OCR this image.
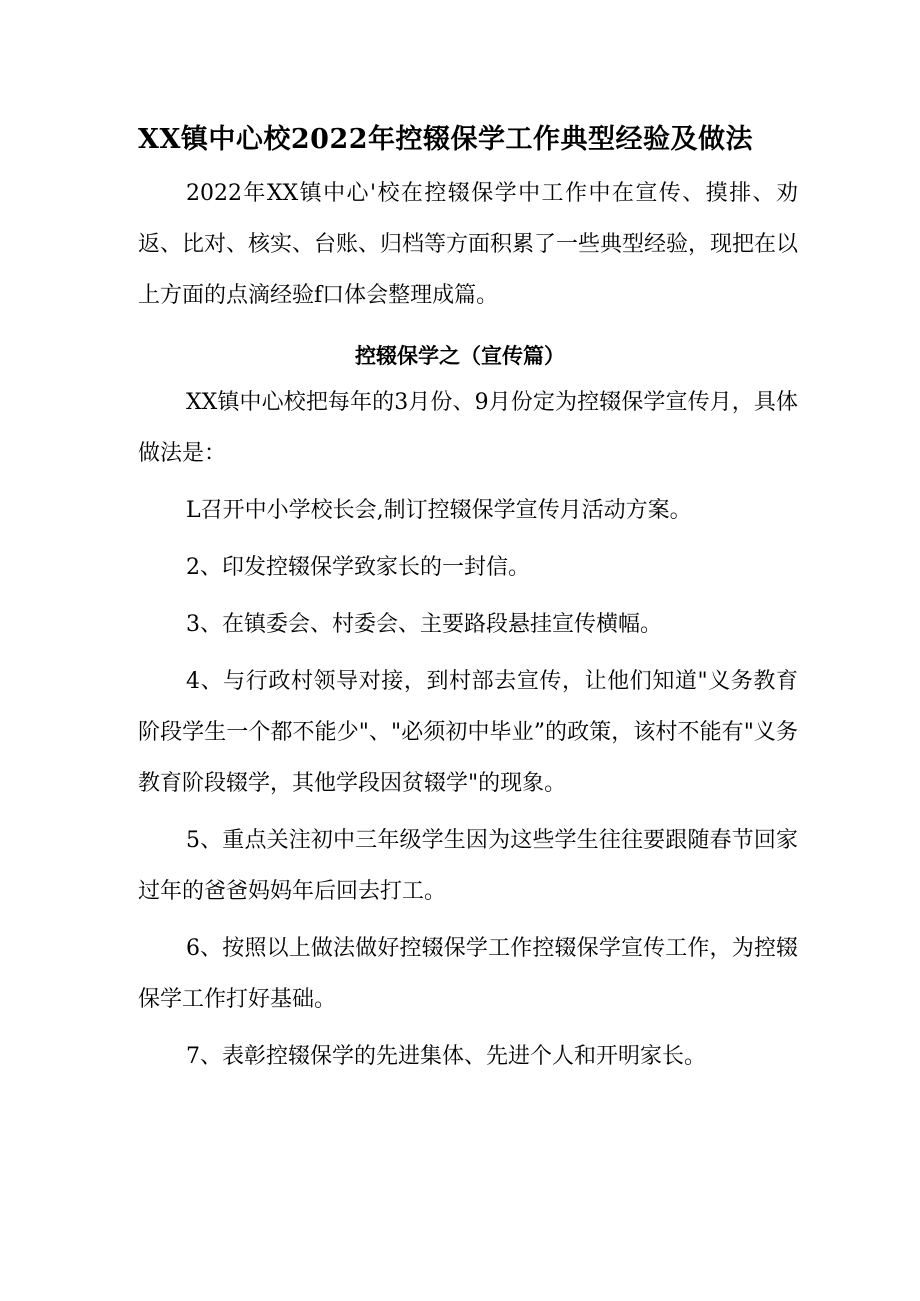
XX镇中心校2022年控辍保学工作典型经验及做法

2022年XX镇中心'校在控辍保学中工作中在宣传、摸排、劝返、比对、核实、台账、归档等方面积累了一些典型经验，现把在以上方面的点滴经验f口体会整理成篇。

控辍保学之（宣传篇）

XX镇中心校把每年的3月份、9月份定为控辍保学宣传月，具体做法是：

L召开中小学校长会,制订控辍保学宣传月活动方案。

2、印发控辍保学致家长的一封信。

3、在镇委会、村委会、主要路段悬挂宣传横幅。

4、与行政村领导对接，到村部去宣传，让他们知道"义务教育阶段学生一个都不能少"、"必须初中毕业”的政策，该村不能有"义务教育阶段辍学，其他学段因贫辍学"的现象。

5、重点关注初中三年级学生因为这些学生往往要跟随春节回家过年的爸爸妈妈年后回去打工。

6、按照以上做法做好控辍保学工作控辍保学宣传工作，为控辍保学工作打好基础。

7、表彰控辍保学的先进集体、先进个人和开明家长。
